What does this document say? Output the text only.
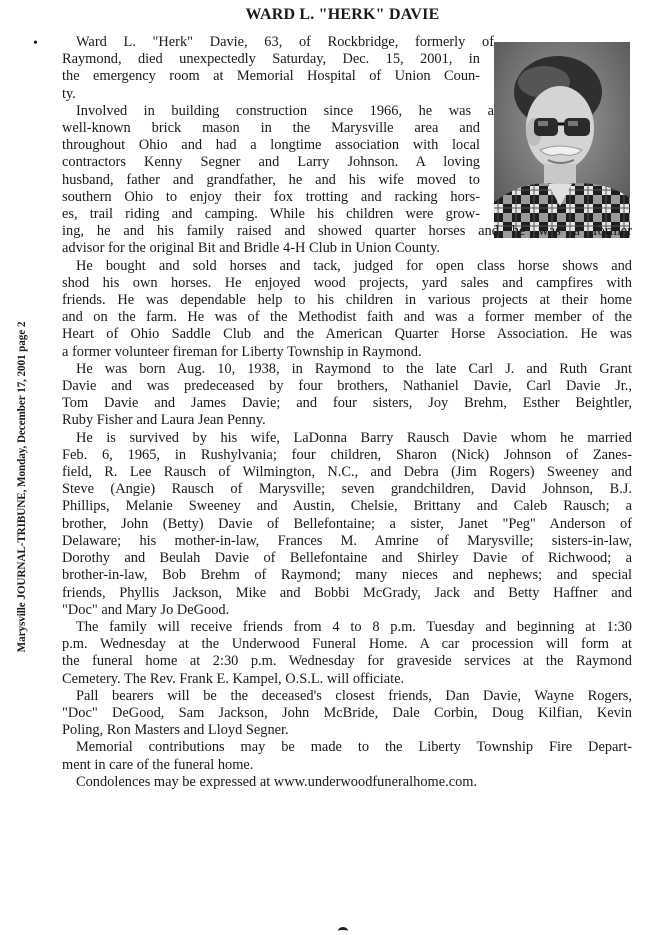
Marysville JOURNAL-TRIBUNE, Monday, December 17, 2001 page 2
WARD L. "HERK" DAVIE
•	Ward L. "Herk" Davie, 63, of Rockbridge, formerly of
Raymond, died unexpectedly Saturday, Dec. 15, 2001, in
the emergency room at Memorial Hospital of Union Coun-
ty.
Involved in building construction since 1966, he was a
well-known brick mason in the Marysville area and
throughout Ohio and had a longtime association with local
contractors Kenny Segner and Larry Johnson. A loving
husband, father and grandfather, he and his wife moved to
southern Ohio to enjoy their fox trotting and racking hors-
es, trail riding and camping. While his children were grow-
ing, he and his family raised and showed quarter horses and he was a former
advisor for the original Bit and Bridle 4-H Club in Union County.
He bought and sold horses and tack, judged for open class horse shows and
shod his own horses. He enjoyed wood projects, yard sales and campfires with
friends. He was dependable help to his children in various projects at their home
and on the farm. He was of the Methodist faith and was a former member of the
Heart of Ohio Saddle Club and the American Quarter Horse Association. He was
a former volunteer fireman for Liberty Township in Raymond.
He was born Aug. 10, 1938, in Raymond to the late Carl J. and Ruth Grant
Davie and was predeceased by four brothers, Nathaniel Davie, Carl Davie Jr.,
Tom Davie and James Davie; and four sisters, Joy Brehm, Esther Beightler,
Ruby Fisher and Laura Jean Penny.
He is survived by his wife, LaDonna Barry Rausch Davie whom he married
Feb. 6, 1965, in Rushylvania; four children, Sharon (Nick) Johnson of Zanes-
field, R. Lee Rausch of Wilmington, N.C., and Debra (Jim Rogers) Sweeney and
Steve (Angie) Rausch of Marysville; seven grandchildren, David Johnson, B.J.
Phillips, Melanie Sweeney and Austin, Chelsie, Brittany and Caleb Rausch; a
brother, John (Betty) Davie of Bellefontaine; a sister, Janet "Peg" Anderson of
Delaware; his mother-in-law, Frances M. Amrine of Marysville; sisters-in-law,
Dorothy and Beulah Davie of Bellefontaine and Shirley Davie of Richwood; a
brother-in-law, Bob Brehm of Raymond; many nieces and nephews; and special
friends, Phyllis Jackson, Mike and Bobbi McGrady, Jack and Betty Haffner and
"Doc" and Mary Jo DeGood.
The family will receive friends from 4 to 8 p.m. Tuesday and beginning at 1:30
p.m. Wednesday at the Underwood Funeral Home. A car procession will form at
the funeral home at 2:30 p.m. Wednesday for graveside services at the Raymond
Cemetery. The Rev. Frank E. Kampel, O.S.L. will officiate.
Pall bearers will be the deceased's closest friends, Dan Davie, Wayne Rogers,
"Doc" DeGood, Sam Jackson, John McBride, Dale Corbin, Doug Kilfian, Kevin
Poling, Ron Masters and Lloyd Segner.
Memorial contributions may be made to the Liberty Township Fire Depart-
ment in care of the funeral home.
Condolences may be expressed at www.underwoodfuneralhome.com.
